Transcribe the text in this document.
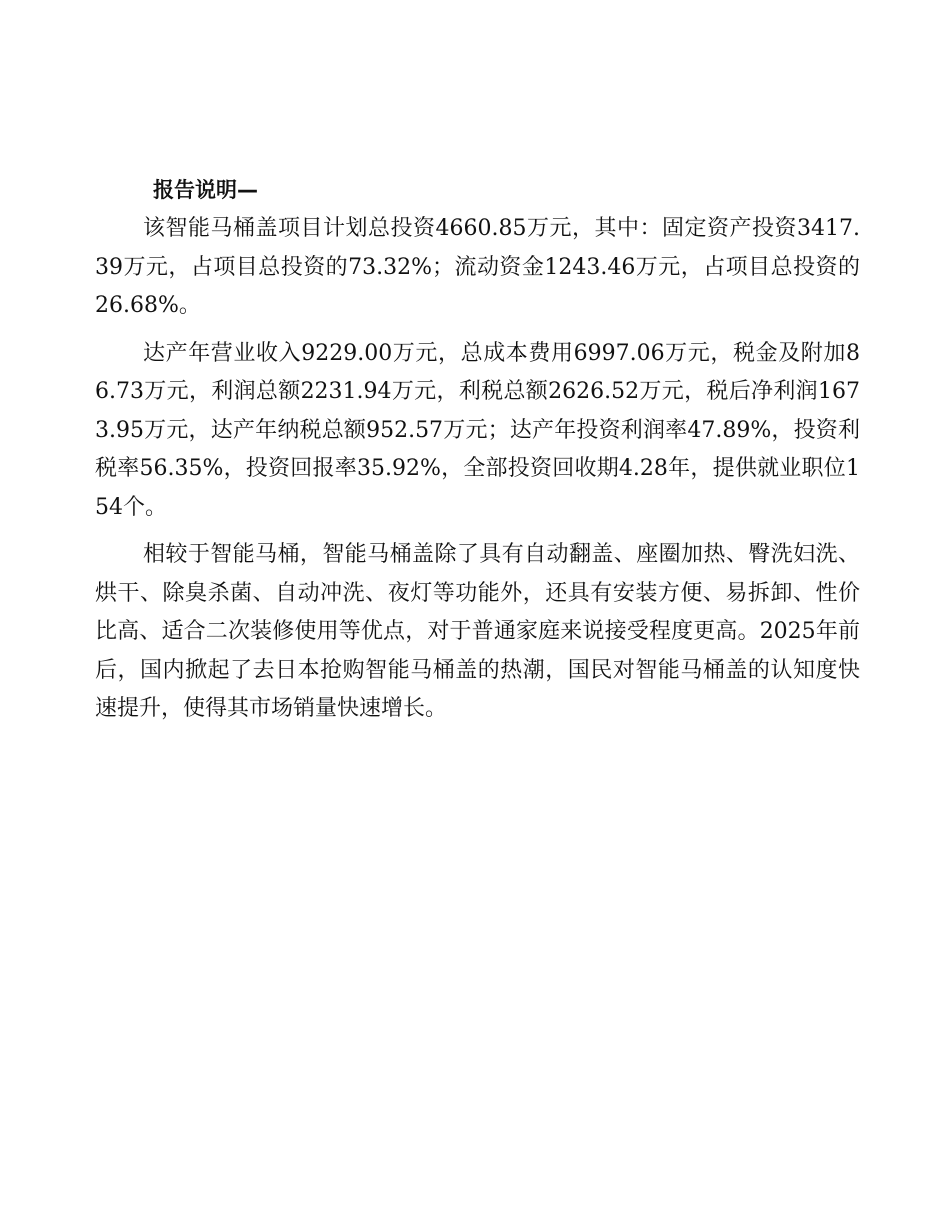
报告说明—

该智能马桶盖项目计划总投资4660.85万元，其中：固定资产投资3417.39万元，占项目总投资的73.32%；流动资金1243.46万元，占项目总投资的26.68%。

达产年营业收入9229.00万元，总成本费用6997.06万元，税金及附加86.73万元，利润总额2231.94万元，利税总额2626.52万元，税后净利润1673.95万元，达产年纳税总额952.57万元；达产年投资利润率47.89%，投资利税率56.35%，投资回报率35.92%，全部投资回收期4.28年，提供就业职位154个。

相较于智能马桶，智能马桶盖除了具有自动翻盖、座圈加热、臀洗妇洗、烘干、除臭杀菌、自动冲洗、夜灯等功能外，还具有安装方便、易拆卸、性价比高、适合二次装修使用等优点，对于普通家庭来说接受程度更高。2025年前后，国内掀起了去日本抢购智能马桶盖的热潮，国民对智能马桶盖的认知度快速提升，使得其市场销量快速增长。
